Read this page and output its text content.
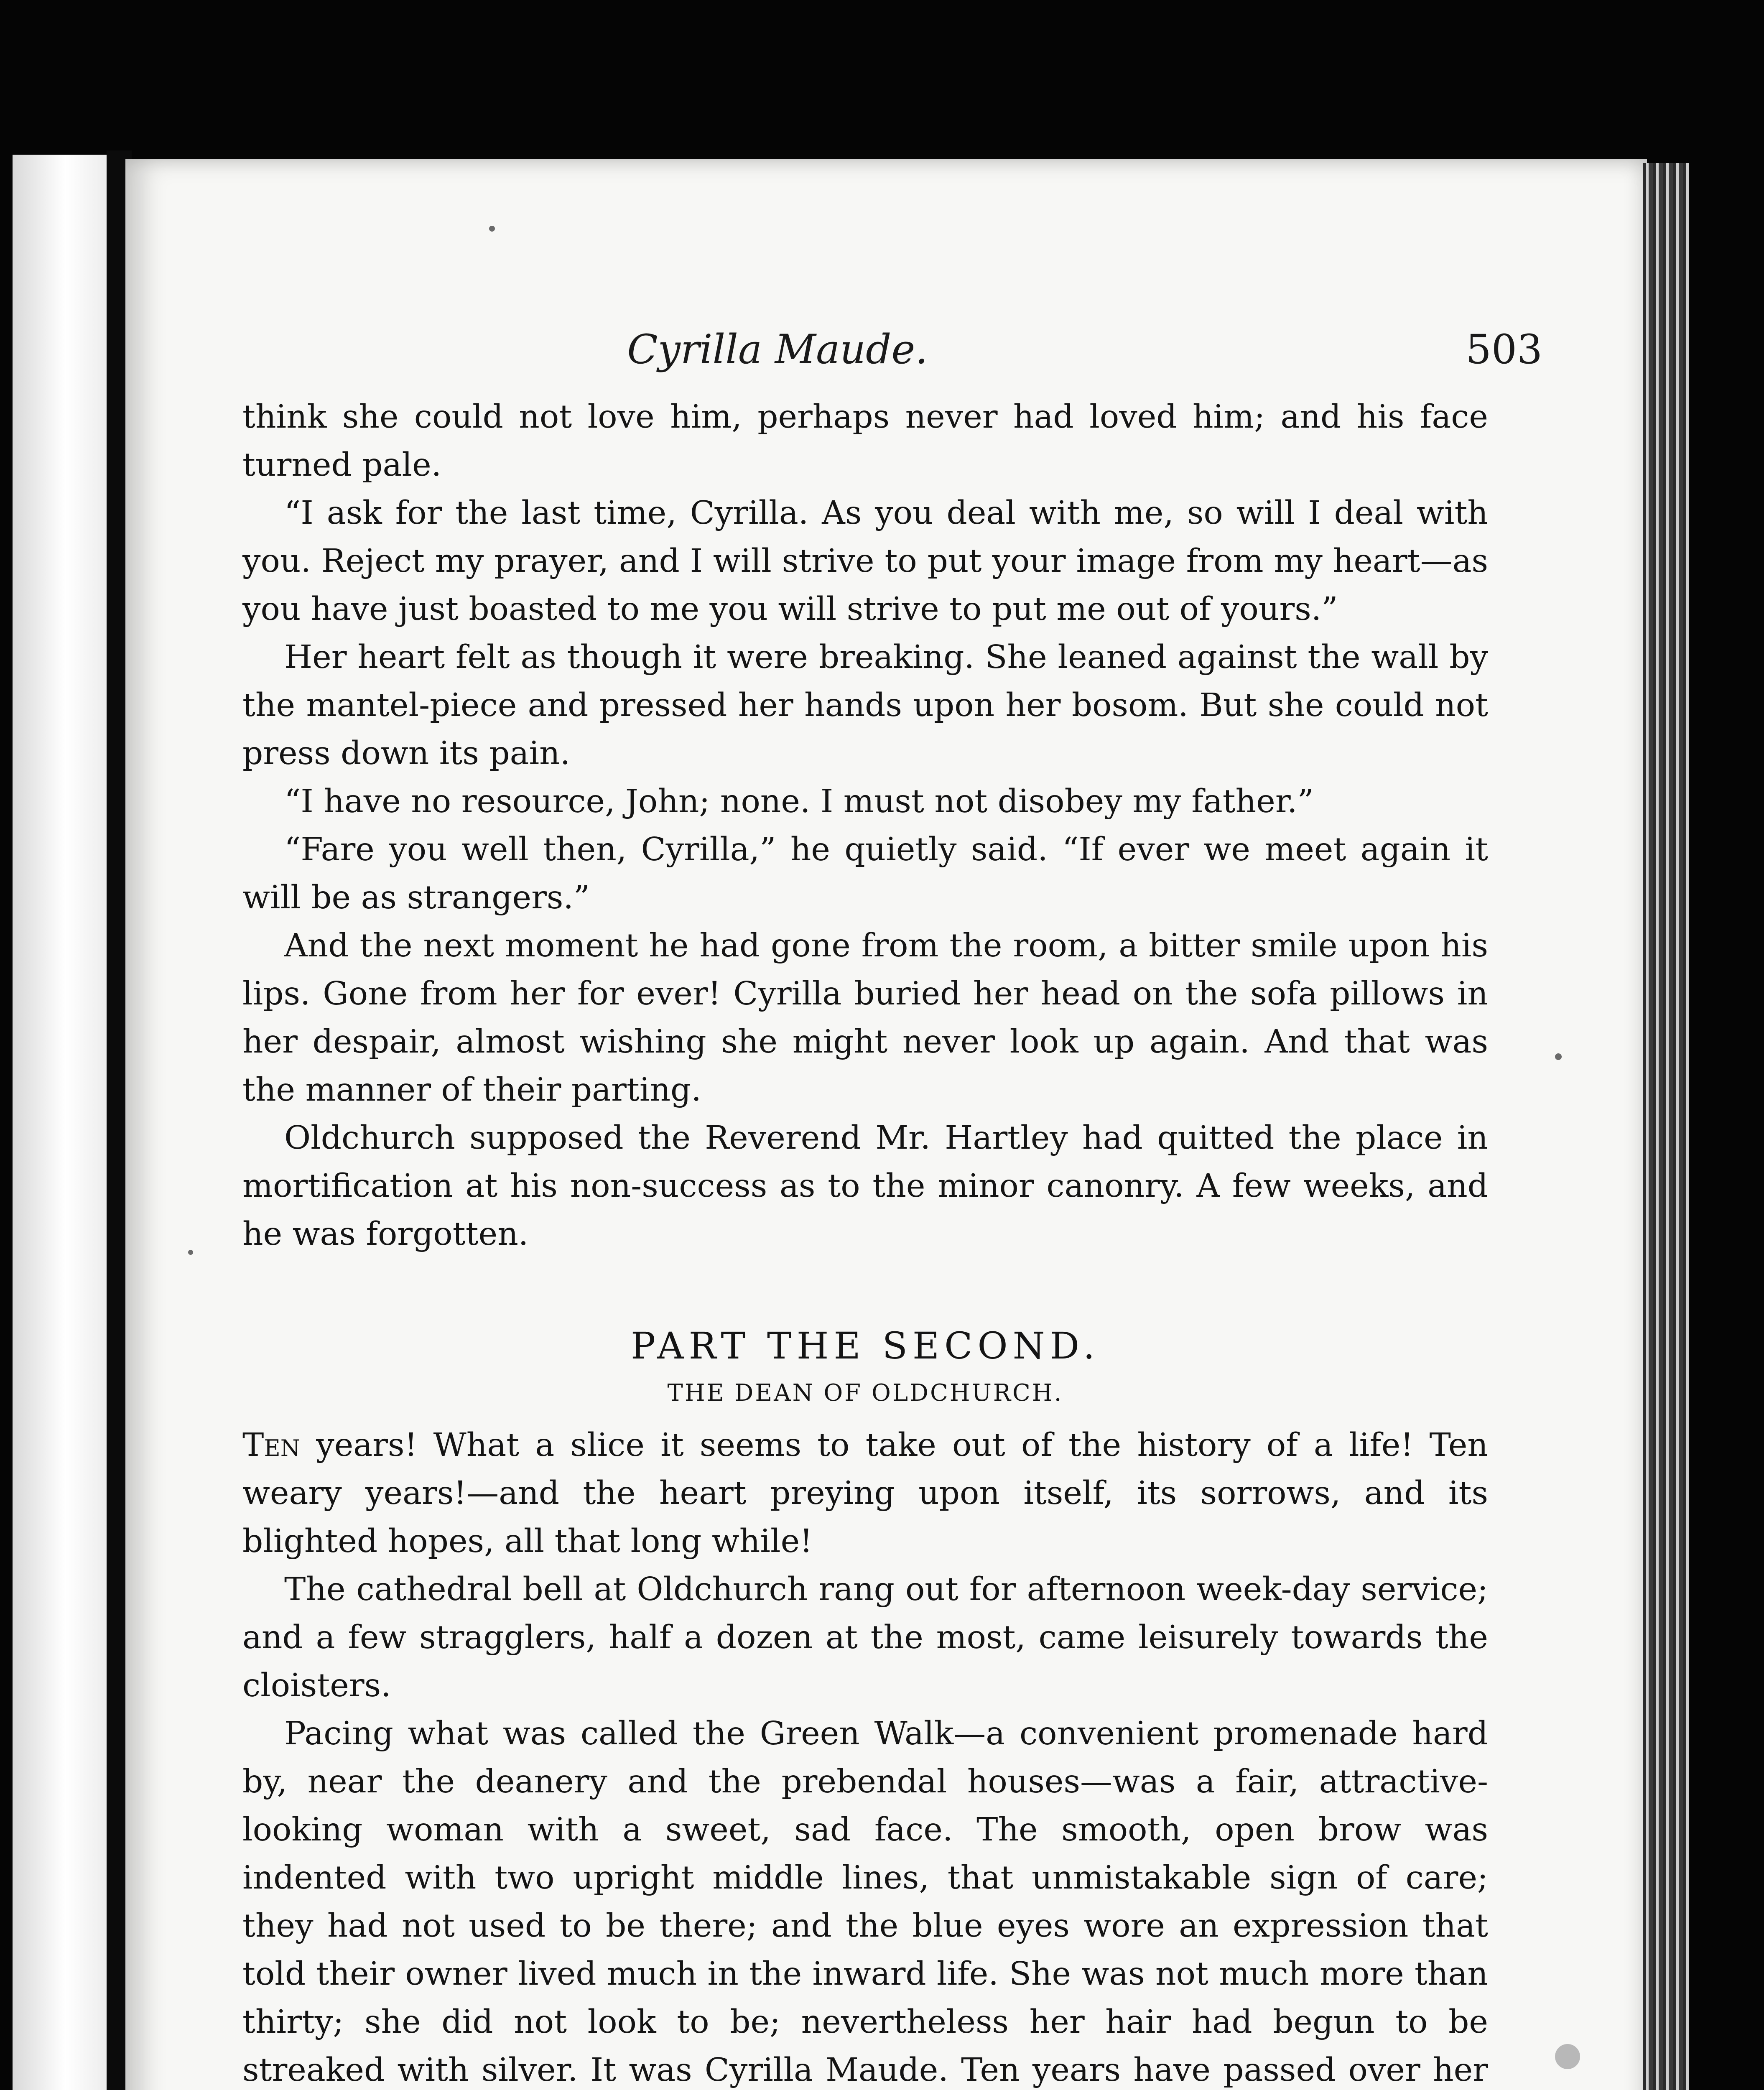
Cyrilla Maude.	503

think she could not love him, perhaps never had loved him; and his face turned pale.

“I ask for the last time, Cyrilla. As you deal with me, so will I deal with you. Reject my prayer, and I will strive to put your image from my heart—as you have just boasted to me you will strive to put me out of yours.”

Her heart felt as though it were breaking. She leaned against the wall by the mantel-piece and pressed her hands upon her bosom. But she could not press down its pain.

“I have no resource, John; none. I must not disobey my father.”

“Fare you well then, Cyrilla,” he quietly said. “If ever we meet again it will be as strangers.”

And the next moment he had gone from the room, a bitter smile upon his lips. Gone from her for ever! Cyrilla buried her head on the sofa pillows in her despair, almost wishing she might never look up again. And that was the manner of their parting.

Oldchurch supposed the Reverend Mr. Hartley had quitted the place in mortification at his non-success as to the minor canonry. A few weeks, and he was forgotten.

PART THE SECOND.

THE DEAN OF OLDCHURCH.

Ten years! What a slice it seems to take out of the history of a life! Ten weary years!—and the heart preying upon itself, its sorrows, and its blighted hopes, all that long while!

The cathedral bell at Oldchurch rang out for afternoon week-day service; and a few stragglers, half a dozen at the most, came leisurely towards the cloisters.

Pacing what was called the Green Walk—a convenient promenade hard by, near the deanery and the prebendal houses—was a fair, attractive-looking woman with a sweet, sad face. The smooth, open brow was indented with two upright middle lines, that unmistakable sign of care; they had not used to be there; and the blue eyes wore an expression that told their owner lived much in the inward life. She was not much more than thirty; she did not look to be; nevertheless her hair had begun to be streaked with silver. It was Cyrilla Maude. Ten years have passed over her
